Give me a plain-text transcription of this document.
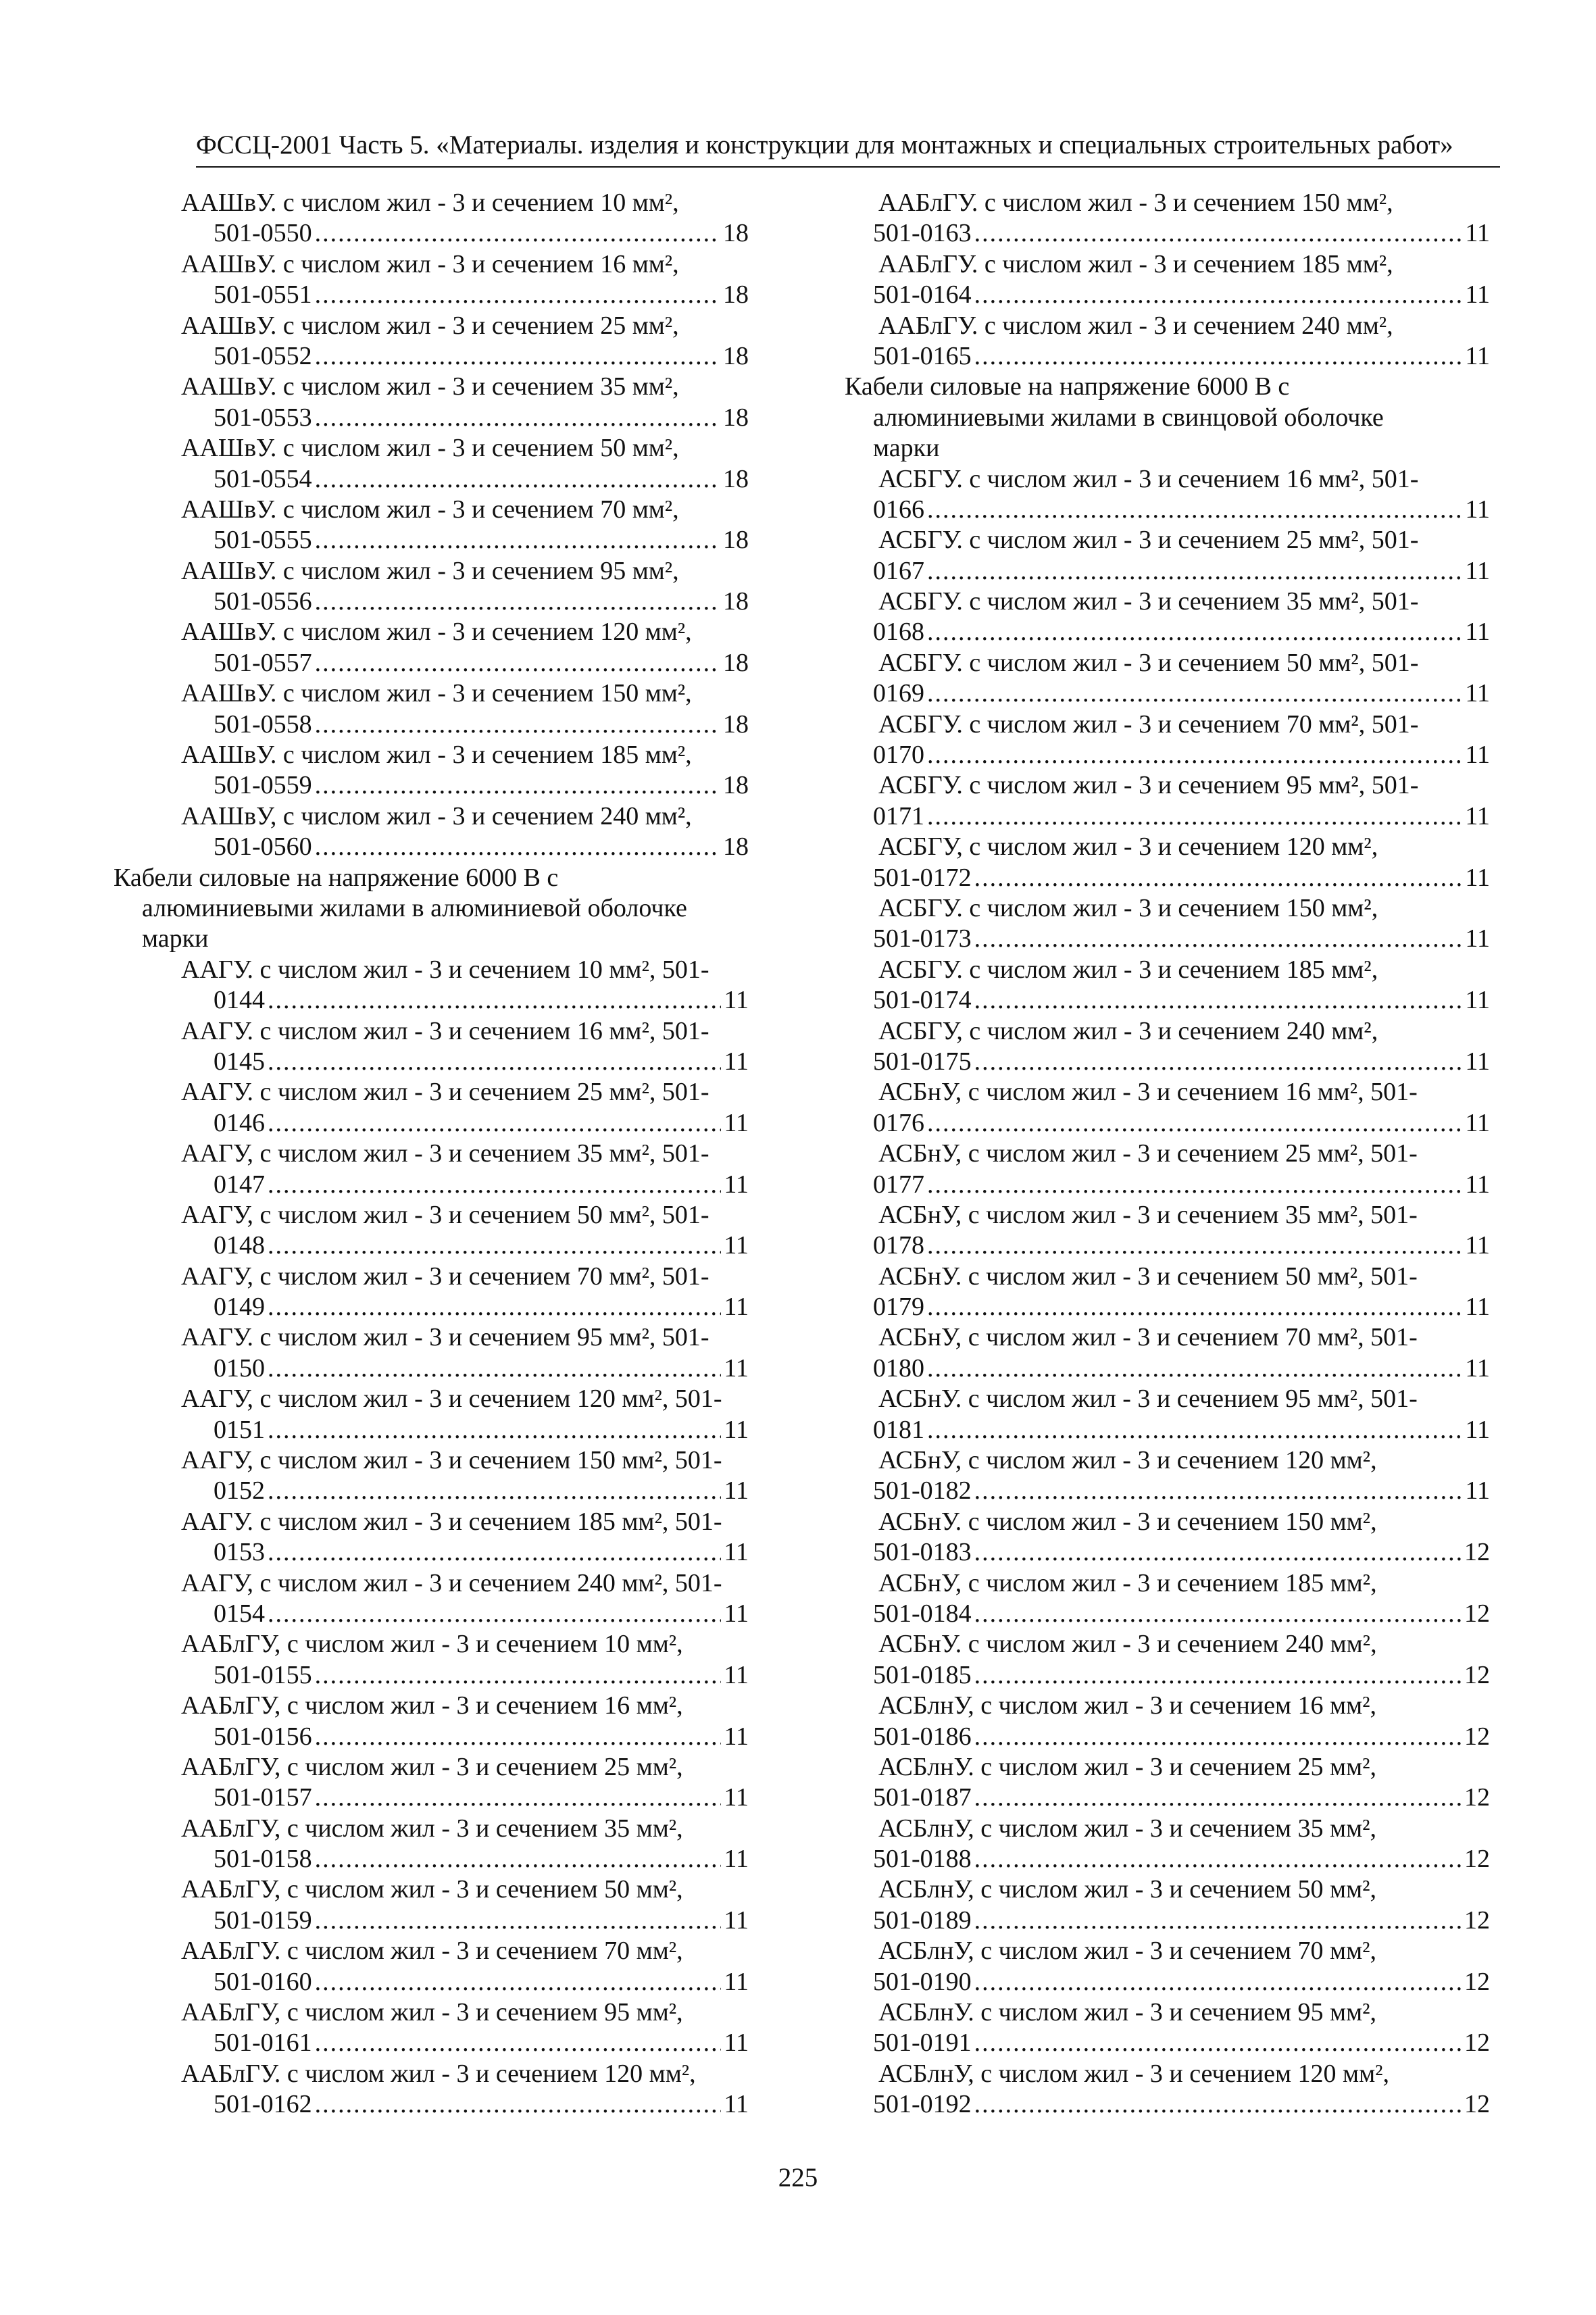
ФССЦ-2001 Часть 5. «Материалы. изделия и конструкции для монтажных и специальных строительных работ»
ААШвУ. с числом жил - 3 и сечением 10 мм²,
501-0550 .....	18
ААШвУ. с числом жил - 3 и сечением 16 мм²,
501-0551 .....	18
ААШвУ. с числом жил - 3 и сечением 25 мм²,
501-0552 .....	18
ААШвУ. с числом жил - 3 и сечением 35 мм²,
501-0553 .....	18
ААШвУ. с числом жил - 3 и сечением 50 мм²,
501-0554 .....	18
ААШвУ. с числом жил - 3 и сечением 70 мм²,
501-0555 .....	18
ААШвУ. с числом жил - 3 и сечением 95 мм²,
501-0556 .....	18
ААШвУ. с числом жил - 3 и сечением 120 мм²,
501-0557 .....	18
ААШвУ. с числом жил - 3 и сечением 150 мм²,
501-0558 .....	18
ААШвУ. с числом жил - 3 и сечением 185 мм²,
501-0559 .....	18
ААШвУ, с числом жил - 3 и сечением 240 мм²,
501-0560 .....	18
Кабели силовые на напряжение 6000 В с
алюминиевыми жилами в алюминиевой оболочке
марки
ААГУ. с числом жил - 3 и сечением 10 мм², 501-
0144 .....	11
ААГУ. с числом жил - 3 и сечением 16 мм², 501-
0145 .....	11
ААГУ. с числом жил - 3 и сечением 25 мм², 501-
0146 .....	11
ААГУ, с числом жил - 3 и сечением 35 мм², 501-
0147 .....	11
ААГУ, с числом жил - 3 и сечением 50 мм², 501-
0148 .....	11
ААГУ, с числом жил - 3 и сечением 70 мм², 501-
0149 .....	11
ААГУ. с числом жил - 3 и сечением 95 мм², 501-
0150 .....	11
ААГУ, с числом жил - 3 и сечением 120 мм², 501-
0151 .....	11
ААГУ, с числом жил - 3 и сечением 150 мм², 501-
0152 .....	11
ААГУ. с числом жил - 3 и сечением 185 мм², 501-
0153 .....	11
ААГУ, с числом жил - 3 и сечением 240 мм², 501-
0154 .....	11
ААБлГУ, с числом жил - 3 и сечением 10 мм²,
501-0155 .....	11
ААБлГУ, с числом жил - 3 и сечением 16 мм²,
501-0156 .....	11
ААБлГУ, с числом жил - 3 и сечением 25 мм²,
501-0157 .....	11
ААБлГУ, с числом жил - 3 и сечением 35 мм²,
501-0158 .....	11
ААБлГУ, с числом жил - 3 и сечением 50 мм²,
501-0159 .....	11
ААБлГУ. с числом жил - 3 и сечением 70 мм²,
501-0160 .....	11
ААБлГУ, с числом жил - 3 и сечением 95 мм²,
501-0161 .....	11
ААБлГУ. с числом жил - 3 и сечением 120 мм²,
501-0162 .....	11
ААБлГУ. с числом жил - 3 и сечением 150 мм²,
501-0163 .....	11
ААБлГУ. с числом жил - 3 и сечением 185 мм²,
501-0164 .....	11
ААБлГУ. с числом жил - 3 и сечением 240 мм²,
501-0165 .....	11
Кабели силовые на напряжение 6000 В с
алюминиевыми жилами в свинцовой оболочке
марки
АСБГУ. с числом жил - 3 и сечением 16 мм², 501-
0166 .....	11
АСБГУ. с числом жил - 3 и сечением 25 мм², 501-
0167 .....	11
АСБГУ. с числом жил - 3 и сечением 35 мм², 501-
0168 .....	11
АСБГУ. с числом жил - 3 и сечением 50 мм², 501-
0169 .....	11
АСБГУ. с числом жил - 3 и сечением 70 мм², 501-
0170 .....	11
АСБГУ. с числом жил - 3 и сечением 95 мм², 501-
0171 .....	11
АСБГУ, с числом жил - 3 и сечением 120 мм²,
501-0172 .....	11
АСБГУ. с числом жил - 3 и сечением 150 мм²,
501-0173 .....	11
АСБГУ. с числом жил - 3 и сечением 185 мм²,
501-0174 .....	11
АСБГУ, с числом жил - 3 и сечением 240 мм²,
501-0175 .....	11
АСБнУ, с числом жил - 3 и сечением 16 мм², 501-
0176 .....	11
АСБнУ, с числом жил - 3 и сечением 25 мм², 501-
0177 .....	11
АСБнУ, с числом жил - 3 и сечением 35 мм², 501-
0178 .....	11
АСБнУ. с числом жил - 3 и сечением 50 мм², 501-
0179 .....	11
АСБнУ, с числом жил - 3 и сечением 70 мм², 501-
0180 .....	11
АСБнУ. с числом жил - 3 и сечением 95 мм², 501-
0181 .....	11
АСБнУ, с числом жил - 3 и сечением 120 мм²,
501-0182 .....	11
АСБнУ. с числом жил - 3 и сечением 150 мм²,
501-0183 .....	12
АСБнУ, с числом жил - 3 и сечением 185 мм²,
501-0184 .....	12
АСБнУ. с числом жил - 3 и сечением 240 мм²,
501-0185 .....	12
АСБлнУ, с числом жил - 3 и сечением 16 мм²,
501-0186 .....	12
АСБлнУ. с числом жил - 3 и сечением 25 мм²,
501-0187 .....	12
АСБлнУ, с числом жил - 3 и сечением 35 мм²,
501-0188 .....	12
АСБлнУ, с числом жил - 3 и сечением 50 мм²,
501-0189 .....	12
АСБлнУ, с числом жил - 3 и сечением 70 мм²,
501-0190 .....	12
АСБлнУ. с числом жил - 3 и сечением 95 мм²,
501-0191 .....	12
АСБлнУ, с числом жил - 3 и сечением 120 мм²,
501-0192 .....	12
225
